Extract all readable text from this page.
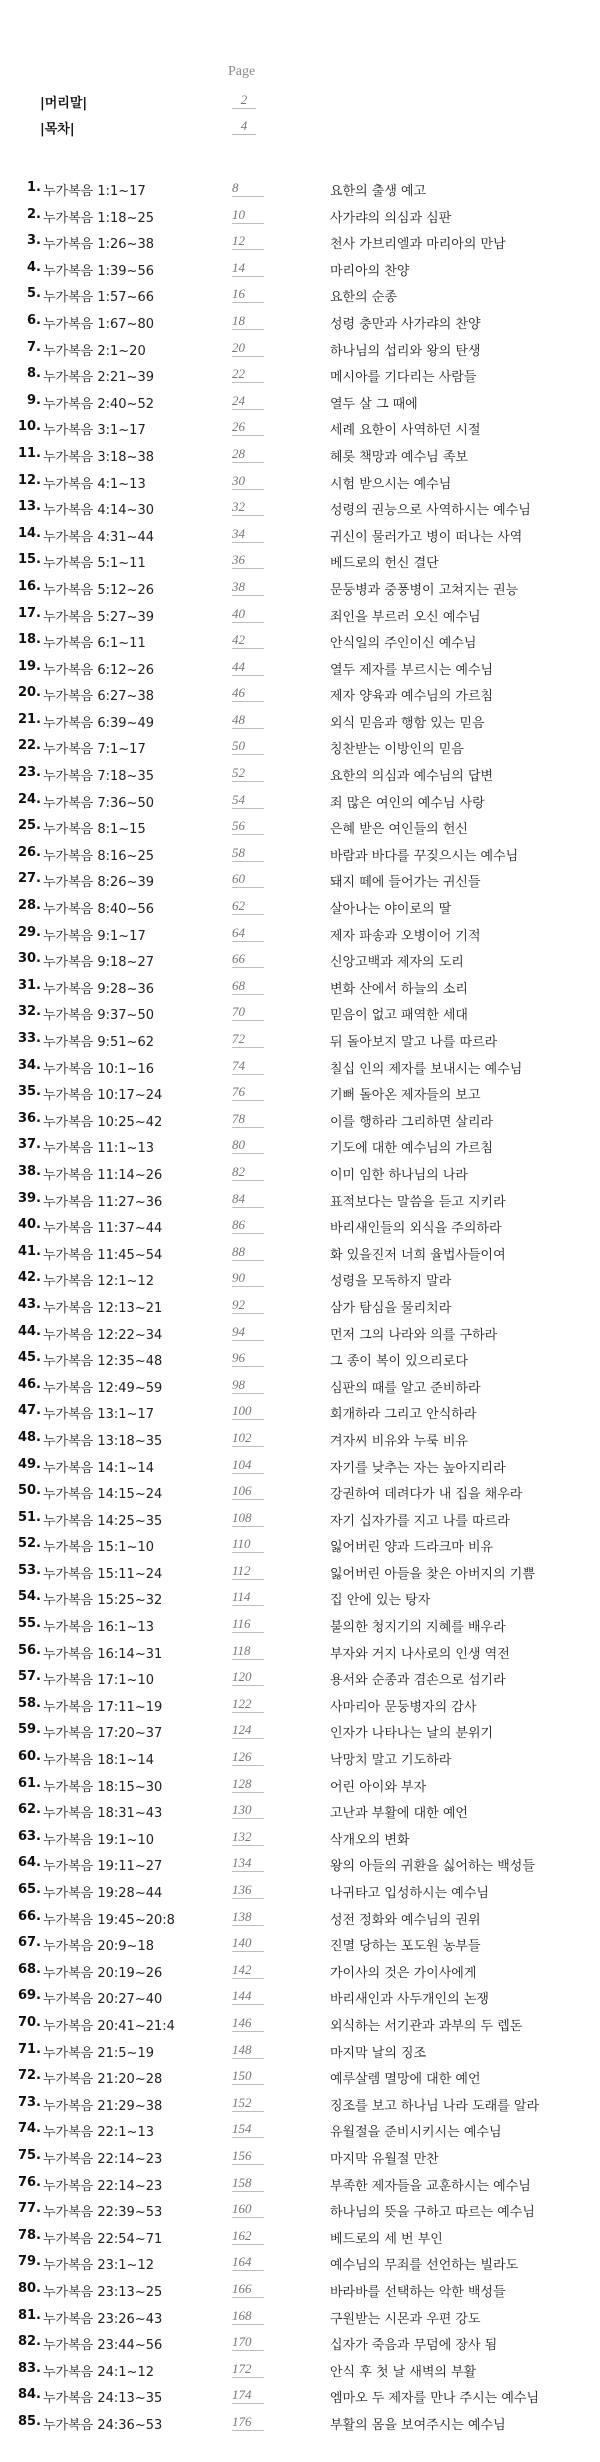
Page
|머리말|	2
|목차|	4
1. 누가복음 1:1~17	8	요한의 출생 예고
2. 누가복음 1:18~25	10	사가랴의 의심과 심판
3. 누가복음 1:26~38	12	천사 가브리엘과 마리아의 만남
4. 누가복음 1:39~56	14	마리아의 찬양
5. 누가복음 1:57~66	16	요한의 순종
6. 누가복음 1:67~80	18	성령 충만과 사가랴의 찬양
7. 누가복음 2:1~20	20	하나님의 섭리와 왕의 탄생
8. 누가복음 2:21~39	22	메시아를 기다리는 사람들
9. 누가복음 2:40~52	24	열두 살 그 때에
10. 누가복음 3:1~17	26	세례 요한이 사역하던 시절
11. 누가복음 3:18~38	28	헤롯 책망과 예수님 족보
12. 누가복음 4:1~13	30	시험 받으시는 예수님
13. 누가복음 4:14~30	32	성령의 권능으로 사역하시는 예수님
14. 누가복음 4:31~44	34	귀신이 물러가고 병이 떠나는 사역
15. 누가복음 5:1~11	36	베드로의 헌신 결단
16. 누가복음 5:12~26	38	문둥병과 중풍병이 고쳐지는 권능
17. 누가복음 5:27~39	40	죄인을 부르러 오신 예수님
18. 누가복음 6:1~11	42	안식일의 주인이신 예수님
19. 누가복음 6:12~26	44	열두 제자를 부르시는 예수님
20. 누가복음 6:27~38	46	제자 양육과 예수님의 가르침
21. 누가복음 6:39~49	48	외식 믿음과 행함 있는 믿음
22. 누가복음 7:1~17	50	칭찬받는 이방인의 믿음
23. 누가복음 7:18~35	52	요한의 의심과 예수님의 답변
24. 누가복음 7:36~50	54	죄 많은 여인의 예수님 사랑
25. 누가복음 8:1~15	56	은혜 받은 여인들의 헌신
26. 누가복음 8:16~25	58	바람과 바다를 꾸짖으시는 예수님
27. 누가복음 8:26~39	60	돼지 떼에 들어가는 귀신들
28. 누가복음 8:40~56	62	살아나는 야이로의 딸
29. 누가복음 9:1~17	64	제자 파송과 오병이어 기적
30. 누가복음 9:18~27	66	신앙고백과 제자의 도리
31. 누가복음 9:28~36	68	변화 산에서 하늘의 소리
32. 누가복음 9:37~50	70	믿음이 없고 패역한 세대
33. 누가복음 9:51~62	72	뒤 돌아보지 말고 나를 따르라
34. 누가복음 10:1~16	74	칠십 인의 제자를 보내시는 예수님
35. 누가복음 10:17~24	76	기뻐 돌아온 제자들의 보고
36. 누가복음 10:25~42	78	이를 행하라 그리하면 살리라
37. 누가복음 11:1~13	80	기도에 대한 예수님의 가르침
38. 누가복음 11:14~26	82	이미 임한 하나님의 나라
39. 누가복음 11:27~36	84	표적보다는 말씀을 듣고 지키라
40. 누가복음 11:37~44	86	바리새인들의 외식을 주의하라
41. 누가복음 11:45~54	88	화 있을진저 너희 율법사들이여
42. 누가복음 12:1~12	90	성령을 모독하지 말라
43. 누가복음 12:13~21	92	삼가 탐심을 물리치라
44. 누가복음 12:22~34	94	먼저 그의 나라와 의를 구하라
45. 누가복음 12:35~48	96	그 종이 복이 있으리로다
46. 누가복음 12:49~59	98	심판의 때를 알고 준비하라
47. 누가복음 13:1~17	100	회개하라 그리고 안식하라
48. 누가복음 13:18~35	102	겨자씨 비유와 누룩 비유
49. 누가복음 14:1~14	104	자기를 낮추는 자는 높아지리라
50. 누가복음 14:15~24	106	강권하여 데려다가 내 집을 채우라
51. 누가복음 14:25~35	108	자기 십자가를 지고 나를 따르라
52. 누가복음 15:1~10	110	잃어버린 양과 드라크마 비유
53. 누가복음 15:11~24	112	잃어버린 아들을 찾은 아버지의 기쁨
54. 누가복음 15:25~32	114	집 안에 있는 탕자
55. 누가복음 16:1~13	116	불의한 청지기의 지혜를 배우라
56. 누가복음 16:14~31	118	부자와 거지 나사로의 인생 역전
57. 누가복음 17:1~10	120	용서와 순종과 겸손으로 섬기라
58. 누가복음 17:11~19	122	사마리아 문둥병자의 감사
59. 누가복음 17:20~37	124	인자가 나타나는 날의 분위기
60. 누가복음 18:1~14	126	낙망치 말고 기도하라
61. 누가복음 18:15~30	128	어린 아이와 부자
62. 누가복음 18:31~43	130	고난과 부활에 대한 예언
63. 누가복음 19:1~10	132	삭개오의 변화
64. 누가복음 19:11~27	134	왕의 아들의 귀환을 싫어하는 백성들
65. 누가복음 19:28~44	136	나귀타고 입성하시는 예수님
66. 누가복음 19:45~20:8	138	성전 정화와 예수님의 권위
67. 누가복음 20:9~18	140	진멸 당하는 포도원 농부들
68. 누가복음 20:19~26	142	가이사의 것은 가이사에게
69. 누가복음 20:27~40	144	바리새인과 사두개인의 논쟁
70. 누가복음 20:41~21:4	146	외식하는 서기관과 과부의 두 렙돈
71. 누가복음 21:5~19	148	마지막 날의 징조
72. 누가복음 21:20~28	150	예루살렘 멸망에 대한 예언
73. 누가복음 21:29~38	152	징조를 보고 하나님 나라 도래를 알라
74. 누가복음 22:1~13	154	유월절을 준비시키시는 예수님
75. 누가복음 22:14~23	156	마지막 유월절 만찬
76. 누가복음 22:14~23	158	부족한 제자들을 교훈하시는 예수님
77. 누가복음 22:39~53	160	하나님의 뜻을 구하고 따르는 예수님
78. 누가복음 22:54~71	162	베드로의 세 번 부인
79. 누가복음 23:1~12	164	예수님의 무죄를 선언하는 빌라도
80. 누가복음 23:13~25	166	바라바를 선택하는 악한 백성들
81. 누가복음 23:26~43	168	구원받는 시몬과 우편 강도
82. 누가복음 23:44~56	170	십자가 죽음과 무덤에 장사 됨
83. 누가복음 24:1~12	172	안식 후 첫 날 새벽의 부활
84. 누가복음 24:13~35	174	엠마오 두 제자를 만나 주시는 예수님
85. 누가복음 24:36~53	176	부활의 몸을 보여주시는 예수님
